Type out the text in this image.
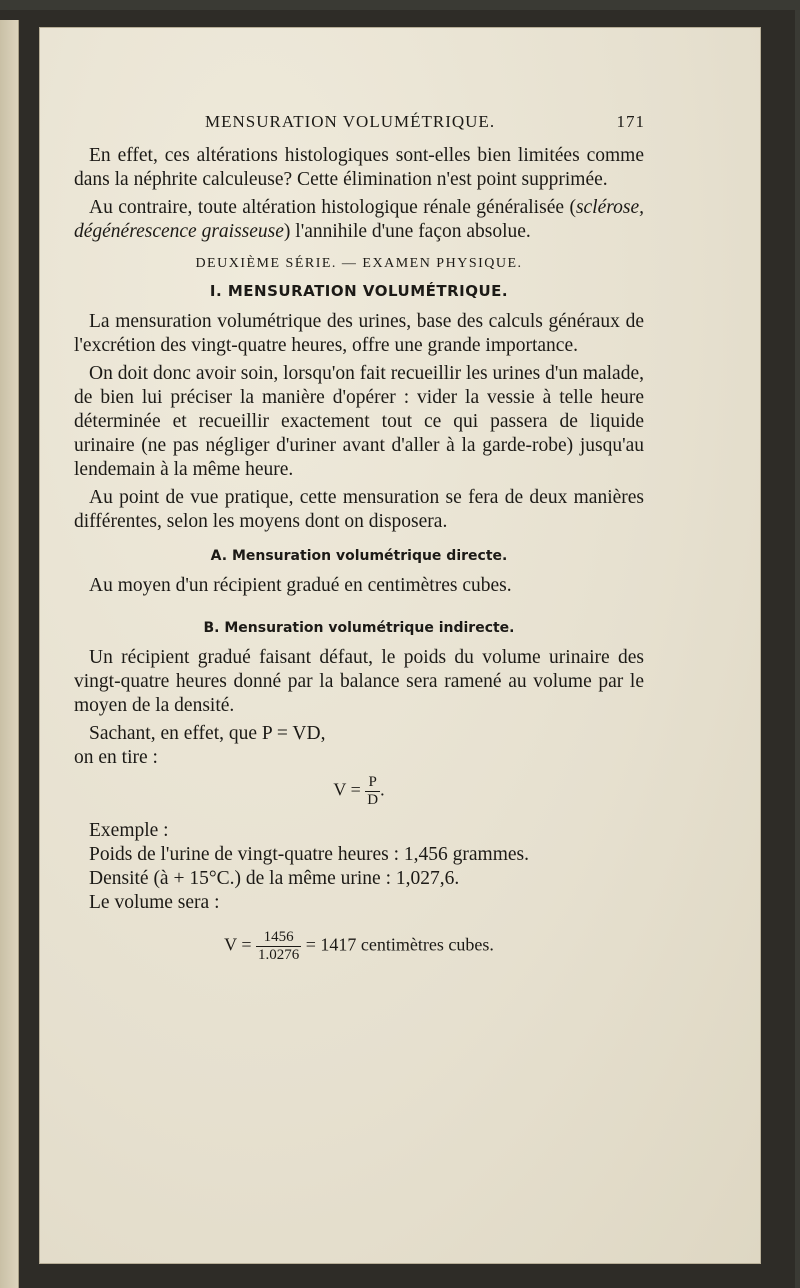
MENSURATION VOLUMÉTRIQUE.	171

En effet, ces altérations histologiques sont-elles bien limitées comme dans la néphrite calculeuse? Cette élimination n'est point supprimée.

Au contraire, toute altération histologique rénale généralisée (sclérose, dégénérescence graisseuse) l'annihile d'une façon absolue.

DEUXIÈME SÉRIE. — EXAMEN PHYSIQUE.
I. MENSURATION VOLUMÉTRIQUE.

La mensuration volumétrique des urines, base des calculs généraux de l'excrétion des vingt-quatre heures, offre une grande importance.

On doit donc avoir soin, lorsqu'on fait recueillir les urines d'un malade, de bien lui préciser la manière d'opérer : vider la vessie à telle heure déterminée et recueillir exactement tout ce qui passera de liquide urinaire (ne pas négliger d'uriner avant d'aller à la garde-robe) jusqu'au lendemain à la même heure.

Au point de vue pratique, cette mensuration se fera de deux manières différentes, selon les moyens dont on disposera.

A. Mensuration volumétrique directe.

Au moyen d'un récipient gradué en centimètres cubes.

B. Mensuration volumétrique indirecte.

Un récipient gradué faisant défaut, le poids du volume urinaire des vingt-quatre heures donné par la balance sera ramené au volume par le moyen de la densité.

Sachant, en effet, que P = VD,

on en tire :

$V = \frac{P}{D}$ .

Exemple :

Poids de l'urine de vingt-quatre heures : 1,456 grammes.

Densité (à + 15°C.) de la même urine : 1,027,6.

Le volume sera :

$V = \frac{1456}{1.0276} = 1417$ centimètres cubes.
